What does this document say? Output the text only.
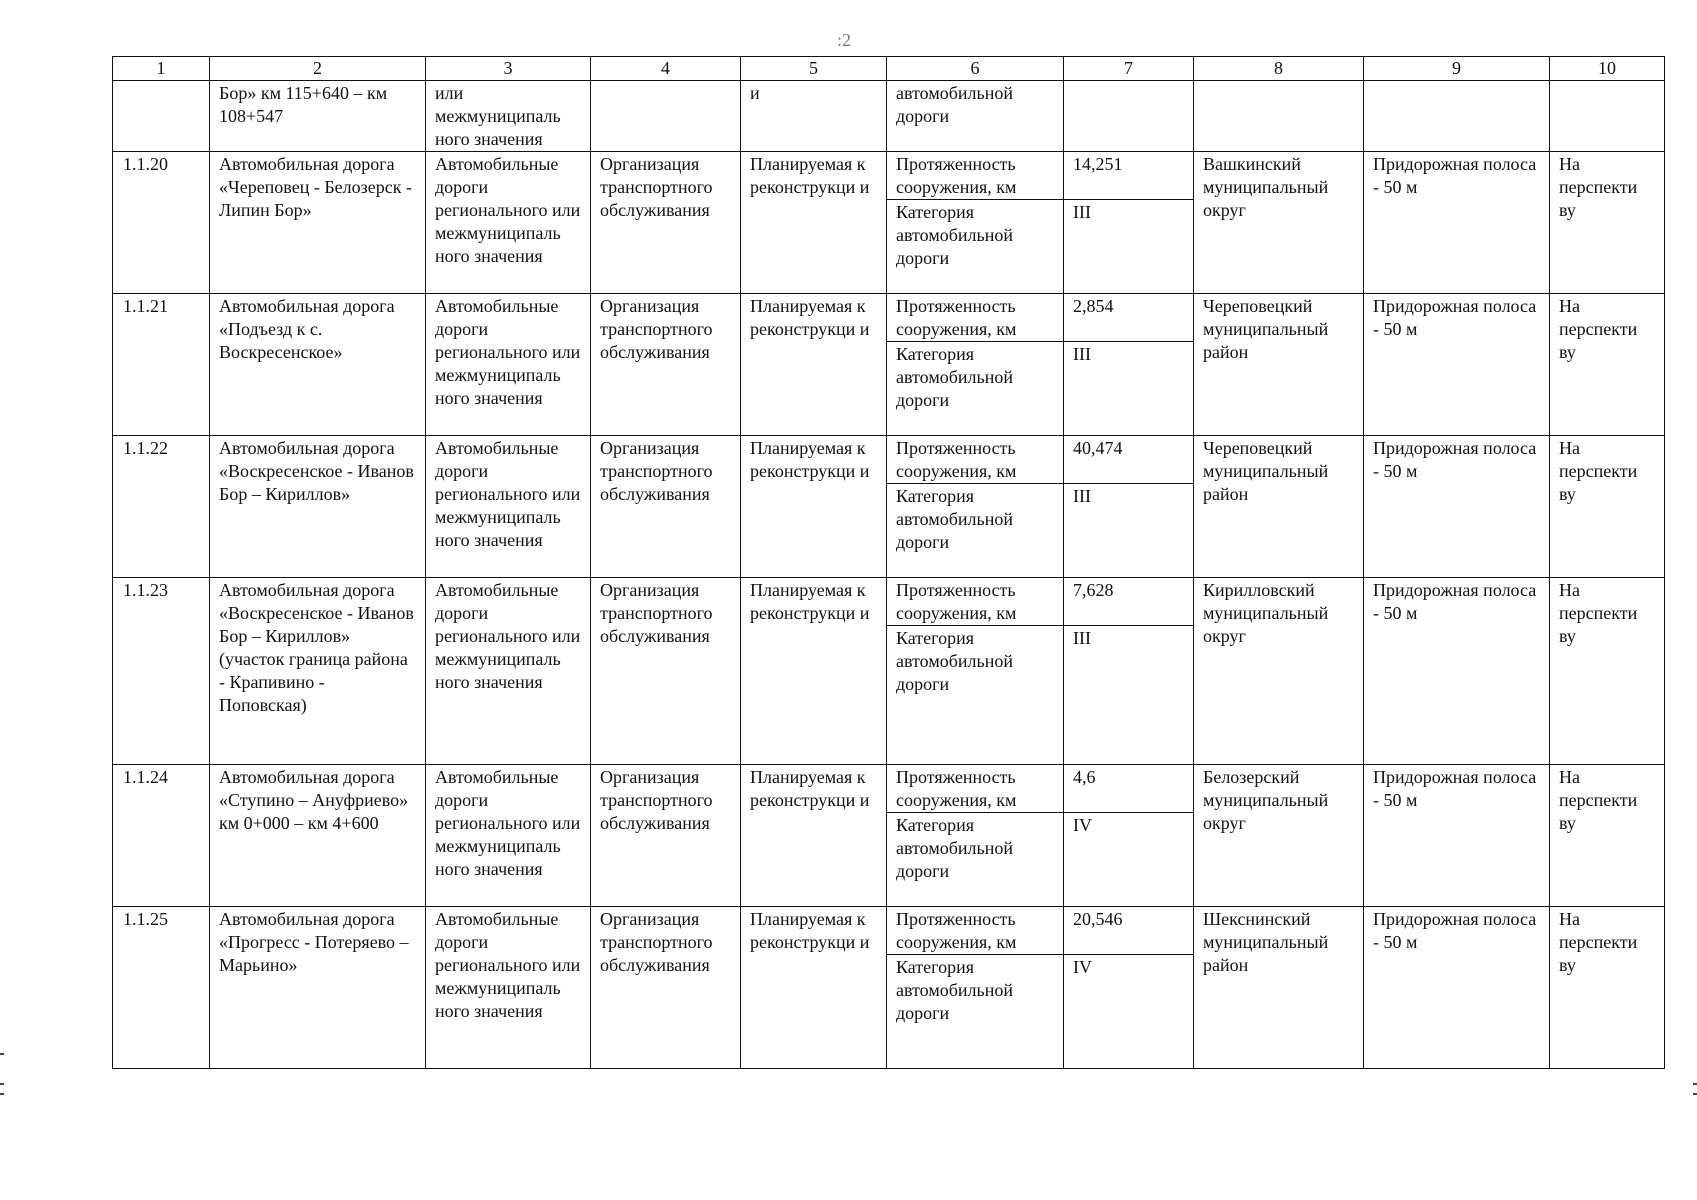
:2
1	2	3	4	5	6	7	8	9	10
	Бор» км 115+640 – км 108+547	или межмуниципаль ного значения		и	автомобильной дороги				
1.1.20	Автомобильная дорога «Череповец - Белозерск - Липин Бор»	Автомобильные дороги регионального или межмуниципаль ного значения	Организация транспортного обслуживания	Планируемая к реконструкци и	Протяженность сооружения, км	14,251	Вашкинский муниципальный округ	Придорожная полоса - 50 м	На перспекти ву
					Категория автомобильной дороги	III			
1.1.21	Автомобильная дорога «Подъезд к с. Воскресенское»	Автомобильные дороги регионального или межмуниципаль ного значения	Организация транспортного обслуживания	Планируемая к реконструкци и	Протяженность сооружения, км	2,854	Череповецкий муниципальный район	Придорожная полоса - 50 м	На перспекти ву
					Категория автомобильной дороги	III			
1.1.22	Автомобильная дорога «Воскресенское - Иванов Бор – Кириллов»	Автомобильные дороги регионального или межмуниципаль ного значения	Организация транспортного обслуживания	Планируемая к реконструкци и	Протяженность сооружения, км	40,474	Череповецкий муниципальный район	Придорожная полоса - 50 м	На перспекти ву
					Категория автомобильной дороги	III			
1.1.23	Автомобильная дорога «Воскресенское - Иванов Бор – Кириллов» (участок граница района - Крапивино - Поповская)	Автомобильные дороги регионального или межмуниципаль ного значения	Организация транспортного обслуживания	Планируемая к реконструкци и	Протяженность сооружения, км	7,628	Кирилловский муниципальный округ	Придорожная полоса - 50 м	На перспекти ву
					Категория автомобильной дороги	III			
1.1.24	Автомобильная дорога «Ступино – Ануфриево» км 0+000 – км 4+600	Автомобильные дороги регионального или межмуниципаль ного значения	Организация транспортного обслуживания	Планируемая к реконструкци и	Протяженность сооружения, км	4,6	Белозерский муниципальный округ	Придорожная полоса - 50 м	На перспекти ву
					Категория автомобильной дороги	IV			
1.1.25	Автомобильная дорога «Прогресс - Потеряево – Марьино»	Автомобильные дороги регионального или межмуниципаль ного значения	Организация транспортного обслуживания	Планируемая к реконструкци и	Протяженность сооружения, км	20,546	Шекснинский муниципальный район	Придорожная полоса - 50 м	На перспекти ву
					Категория автомобильной дороги	IV			
